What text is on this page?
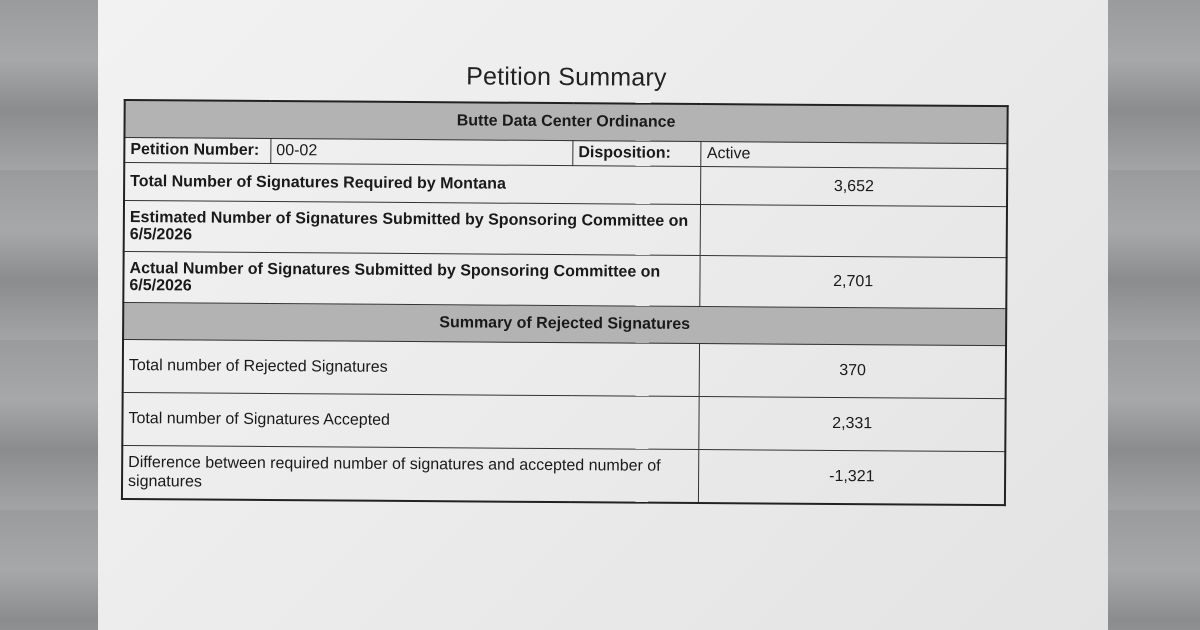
Petition Summary
Butte Data Center Ordinance			
Petition Number:	00-02	Disposition:	Active
Total Number of Signatures Required by Montana			3,652
Estimated Number of Signatures Submitted by Sponsoring Committee on 6/5/2026			
Actual Number of Signatures Submitted by Sponsoring Committee on 6/5/2026			2,701
Summary of Rejected Signatures			
Total number of Rejected Signatures			370
Total number of Signatures Accepted			2,331
Difference between required number of signatures and accepted number of signatures			-1,321
